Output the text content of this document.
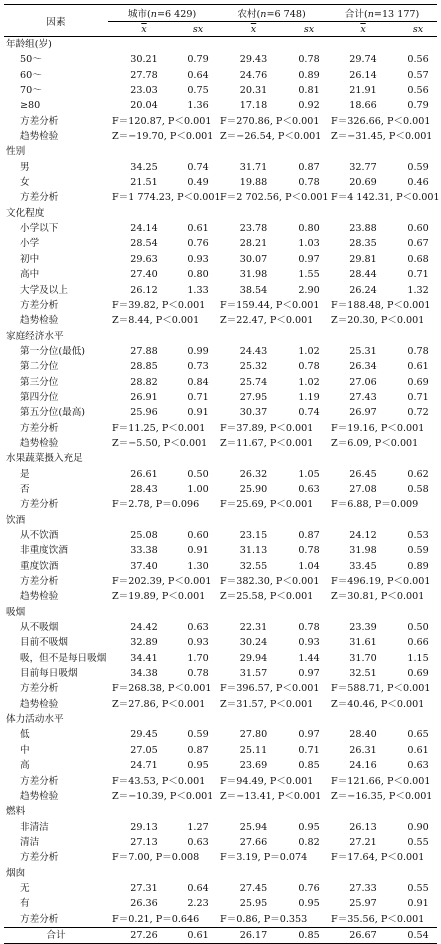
因素	城市(n=6 429)		农村(n=6 748)		合计(n=13 177)	
	$\overline{x}$	sx	$\overline{x}$	sx	$\overline{x}$	sx
年龄组(岁)						
50～	30.21	0.79	29.43	0.78	29.74	0.56
60～	27.78	0.64	24.76	0.89	26.14	0.57
70～	23.03	0.75	20.31	0.81	21.91	0.56
≥80	20.04	1.36	17.18	0.92	18.66	0.79
方差分析	F＝120.87, P＜0.001		F＝270.86, P＜0.001		F＝326.66, P＜0.001	
趋势检验	Z＝−19.70, P＜0.001		Z＝−26.54, P＜0.001		Z＝−31.45, P＜0.001	
性别						
男	34.25	0.74	31.71	0.87	32.77	0.59
女	21.51	0.49	19.88	0.78	20.69	0.46
方差分析	F＝1 774.23, P＜0.001		F＝2 702.56, P＜0.001		F＝4 142.31, P＜0.001	
文化程度						
小学以下	24.14	0.61	23.78	0.80	23.88	0.60
小学	28.54	0.76	28.21	1.03	28.35	0.67
初中	29.63	0.93	30.07	0.97	29.81	0.68
高中	27.40	0.80	31.98	1.55	28.44	0.71
大学及以上	26.12	1.33	38.54	2.90	26.24	1.32
方差分析	F＝39.82, P＜0.001		F＝159.44, P＜0.001		F＝188.48, P＜0.001	
趋势检验	Z＝8.44, P＜0.001		Z＝22.47, P＜0.001		Z＝20.30, P＜0.001	
家庭经济水平						
第一分位(最低)	27.88	0.99	24.43	1.02	25.31	0.78
第二分位	28.85	0.73	25.32	0.78	26.34	0.61
第三分位	28.82	0.84	25.74	1.02	27.06	0.69
第四分位	26.91	0.71	27.95	1.19	27.43	0.71
第五分位(最高)	25.96	0.91	30.37	0.74	26.97	0.72
方差分析	F＝11.25, P＜0.001		F＝37.89, P＜0.001		F＝19.16, P＜0.001	
趋势检验	Z＝−5.50, P＜0.001		Z＝11.67, P＜0.001		Z＝6.09, P＜0.001	
水果蔬菜摄入充足						
是	26.61	0.50	26.32	1.05	26.45	0.62
否	28.43	1.00	25.90	0.63	27.08	0.58
方差分析	F＝2.78, P＝0.096		F＝25.69, P＜0.001		F＝6.88, P＝0.009	
饮酒						
从不饮酒	25.08	0.60	23.15	0.87	24.12	0.53
非重度饮酒	33.38	0.91	31.13	0.78	31.98	0.59
重度饮酒	37.40	1.30	32.55	1.04	33.45	0.89
方差分析	F＝202.39, P＜0.001		F＝382.30, P＜0.001		F＝496.19, P＜0.001	
趋势检验	Z＝19.89, P＜0.001		Z＝25.58, P＜0.001		Z＝30.81, P＜0.001	
吸烟						
从不吸烟	24.42	0.63	22.31	0.78	23.39	0.50
目前不吸烟	32.89	0.93	30.24	0.93	31.61	0.66
吸，但不是每日吸烟	34.41	1.70	29.94	1.44	31.70	1.15
目前每日吸烟	34.38	0.78	31.57	0.97	32.51	0.69
方差分析	F＝268.38, P＜0.001		F＝396.57, P＜0.001		F＝588.71, P＜0.001	
趋势检验	Z＝27.86, P＜0.001		Z＝31.57, P＜0.001		Z＝40.46, P＜0.001	
体力活动水平						
低	29.45	0.59	27.80	0.97	28.40	0.65
中	27.05	0.87	25.11	0.71	26.31	0.61
高	24.71	0.95	23.69	0.85	24.16	0.63
方差分析	F＝43.53, P＜0.001		F＝94.49, P＜0.001		F＝121.66, P＜0.001	
趋势检验	Z＝−10.39, P＜0.001		Z＝−13.41, P＜0.001		Z＝−16.35, P＜0.001	
燃料						
非清洁	29.13	1.27	25.94	0.95	26.13	0.90
清洁	27.13	0.63	27.66	0.82	27.21	0.55
方差分析	F＝7.00, P＝0.008		F＝3.19, P＝0.074		F＝17.64, P＜0.001	
烟囱						
无	27.31	0.64	27.45	0.76	27.33	0.55
有	26.36	2.23	25.95	0.95	25.97	0.91
方差分析	F＝0.21, P＝0.646		F＝0.86, P＝0.353		F＝35.56, P＜0.001	
合计	27.26	0.61	26.17	0.85	26.67	0.54
